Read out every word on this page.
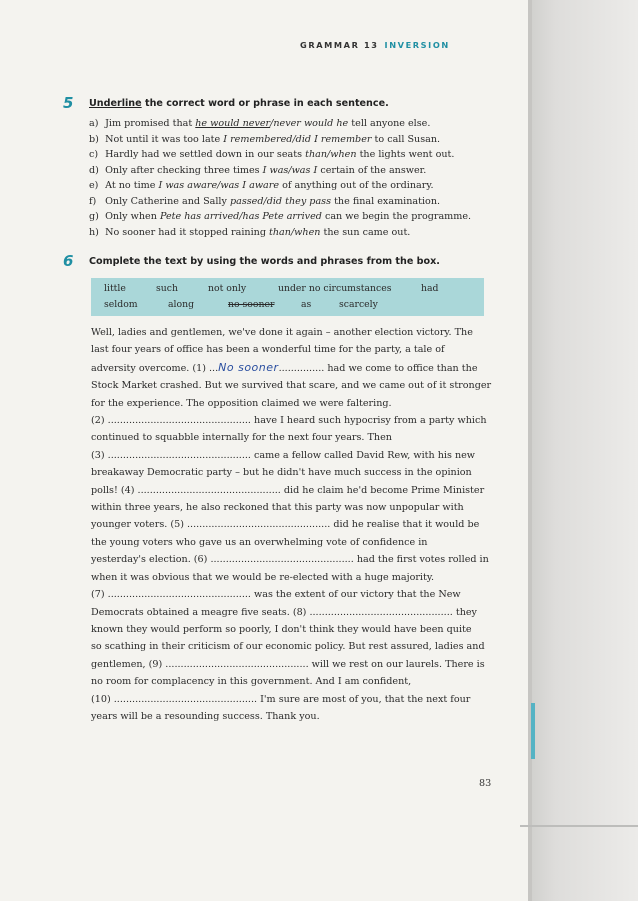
GRAMMAR 13 INVERSION
5 Underline the correct word or phrase in each sentence.
a) Jim promised that he would never/never would he tell anyone else.
b) Not until it was too late I remembered/did I remember to call Susan.
c) Hardly had we settled down in our seats than/when the lights went out.
d) Only after checking three times I was/was I certain of the answer.
e) At no time I was aware/was I aware of anything out of the ordinary.
f) Only Catherine and Sally passed/did they pass the final examination.
g) Only when Pete has arrived/has Pete arrived can we begin the programme.
h) No sooner had it stopped raining than/when the sun came out.
6 Complete the text by using the words and phrases from the box.
little	such	not only	under no circumstances	had
seldom	along	no sooner	as	scarcely
Well, ladies and gentlemen, we've done it again – another election victory. The
last four years of office has been a wonderful time for the party, a tale of
adversity overcome. (1) ...No sooner............... had we come to office than the
Stock Market crashed. But we survived that scare, and we came out of it stronger
for the experience. The opposition claimed we were faltering.
(2) ............................................... have I heard such hypocrisy from a party which
continued to squabble internally for the next four years. Then
(3) ............................................... came a fellow called David Rew, with his new
breakaway Democratic party – but he didn't have much success in the opinion
polls! (4) ............................................... did he claim he'd become Prime Minister
within three years, he also reckoned that this party was now unpopular with
younger voters. (5) ............................................... did he realise that it would be
the young voters who gave us an overwhelming vote of confidence in
yesterday's election. (6) ............................................... had the first votes rolled in
when it was obvious that we would be re-elected with a huge majority.
(7) ............................................... was the extent of our victory that the New
Democrats obtained a meagre five seats. (8) ............................................... they
known they would perform so poorly, I don't think they would have been quite
so scathing in their criticism of our economic policy. But rest assured, ladies and
gentlemen, (9) ............................................... will we rest on our laurels. There is
no room for complacency in this government. And I am confident,
(10) ............................................... I'm sure are most of you, that the next four
years will be a resounding success. Thank you.
83
